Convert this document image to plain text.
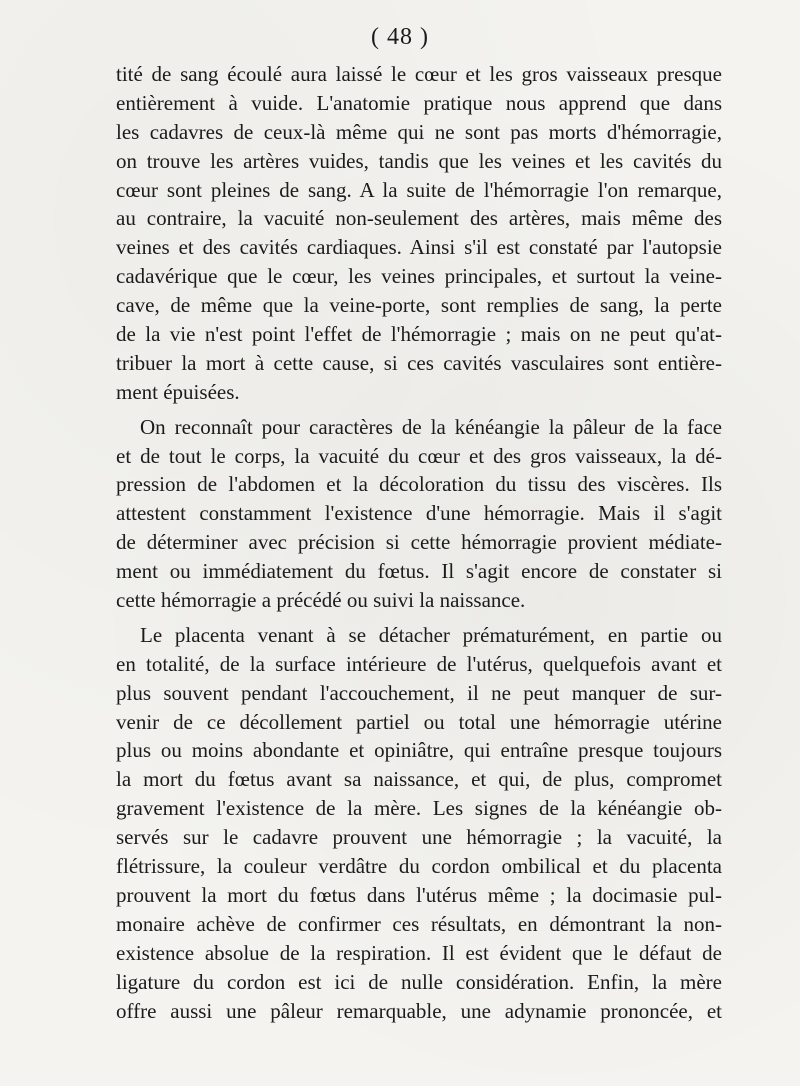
( 48 )
tité de sang écoulé aura laissé le cœur et les gros vaisseaux presque
entièrement à vuide. L'anatomie pratique nous apprend que dans
les cadavres de ceux-là même qui ne sont pas morts d'hémorragie,
on trouve les artères vuides, tandis que les veines et les cavités du
cœur sont pleines de sang. A la suite de l'hémorragie l'on remarque,
au contraire, la vacuité non-seulement des artères, mais même des
veines et des cavités cardiaques. Ainsi s'il est constaté par l'autopsie
cadavérique que le cœur, les veines principales, et surtout la veine-
cave, de même que la veine-porte, sont remplies de sang, la perte
de la vie n'est point l'effet de l'hémorragie ; mais on ne peut qu'at-
tribuer la mort à cette cause, si ces cavités vasculaires sont entière-
ment épuisées.
On reconnaît pour caractères de la kénéangie la pâleur de la face
et de tout le corps, la vacuité du cœur et des gros vaisseaux, la dé-
pression de l'abdomen et la décoloration du tissu des viscères. Ils
attestent constamment l'existence d'une hémorragie. Mais il s'agit
de déterminer avec précision si cette hémorragie provient médiate-
ment ou immédiatement du fœtus. Il s'agit encore de constater si
cette hémorragie a précédé ou suivi la naissance.
Le placenta venant à se détacher prématurément, en partie ou
en totalité, de la surface intérieure de l'utérus, quelquefois avant et
plus souvent pendant l'accouchement, il ne peut manquer de sur-
venir de ce décollement partiel ou total une hémorragie utérine
plus ou moins abondante et opiniâtre, qui entraîne presque toujours
la mort du fœtus avant sa naissance, et qui, de plus, compromet
gravement l'existence de la mère. Les signes de la kénéangie ob-
servés sur le cadavre prouvent une hémorragie ; la vacuité, la
flétrissure, la couleur verdâtre du cordon ombilical et du placenta
prouvent la mort du fœtus dans l'utérus même ; la docimasie pul-
monaire achève de confirmer ces résultats, en démontrant la non-
existence absolue de la respiration. Il est évident que le défaut de
ligature du cordon est ici de nulle considération. Enfin, la mère
offre aussi une pâleur remarquable, une adynamie prononcée, et
